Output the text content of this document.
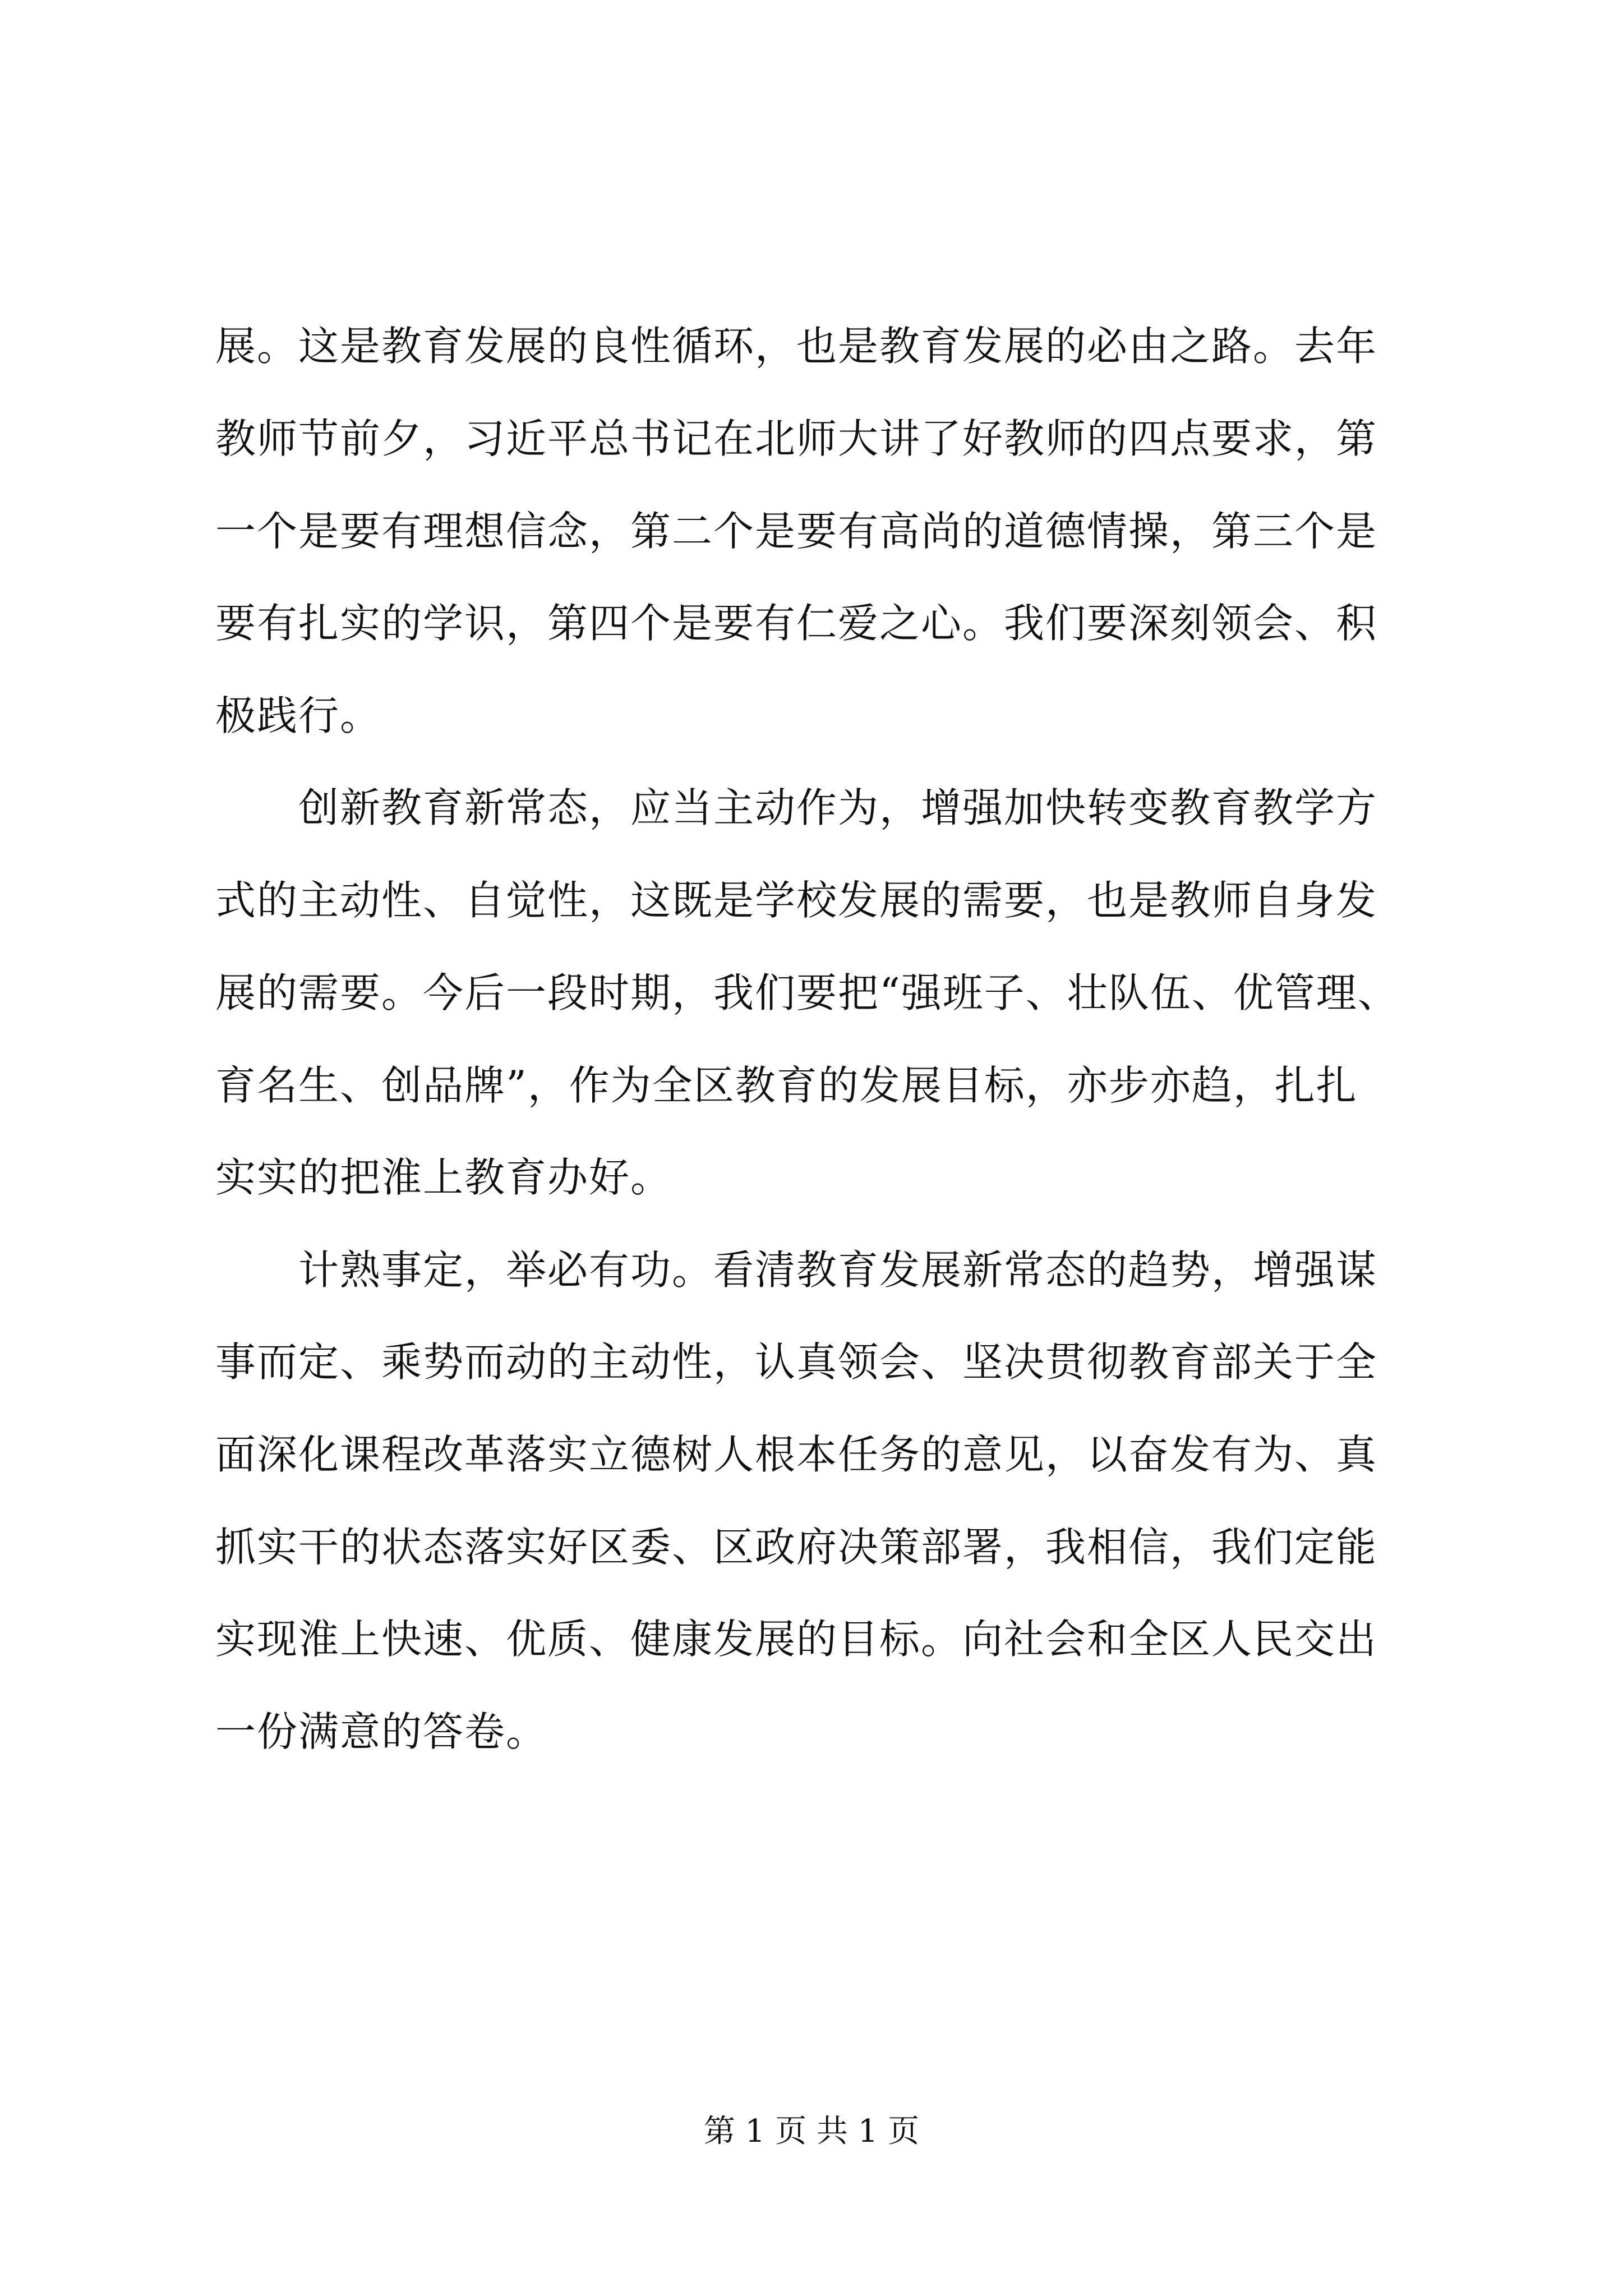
展。这是教育发展的良性循环，也是教育发展的必由之路。去年
教师节前夕，习近平总书记在北师大讲了好教师的四点要求，第
一个是要有理想信念，第二个是要有高尚的道德情操，第三个是
要有扎实的学识，第四个是要有仁爱之心。我们要深刻领会、积
极践行。
　　创新教育新常态，应当主动作为，增强加快转变教育教学方
式的主动性、自觉性，这既是学校发展的需要，也是教师自身发
展的需要。今后一段时期，我们要把“强班子、壮队伍、优管理、
育名生、创品牌”，作为全区教育的发展目标，亦步亦趋，扎扎
实实的把淮上教育办好。
　　计熟事定，举必有功。看清教育发展新常态的趋势，增强谋
事而定、乘势而动的主动性，认真领会、坚决贯彻教育部关于全
面深化课程改革落实立德树人根本任务的意见，以奋发有为、真
抓实干的状态落实好区委、区政府决策部署，我相信，我们定能
实现淮上快速、优质、健康发展的目标。向社会和全区人民交出
一份满意的答卷。
第 1 页 共 1 页
